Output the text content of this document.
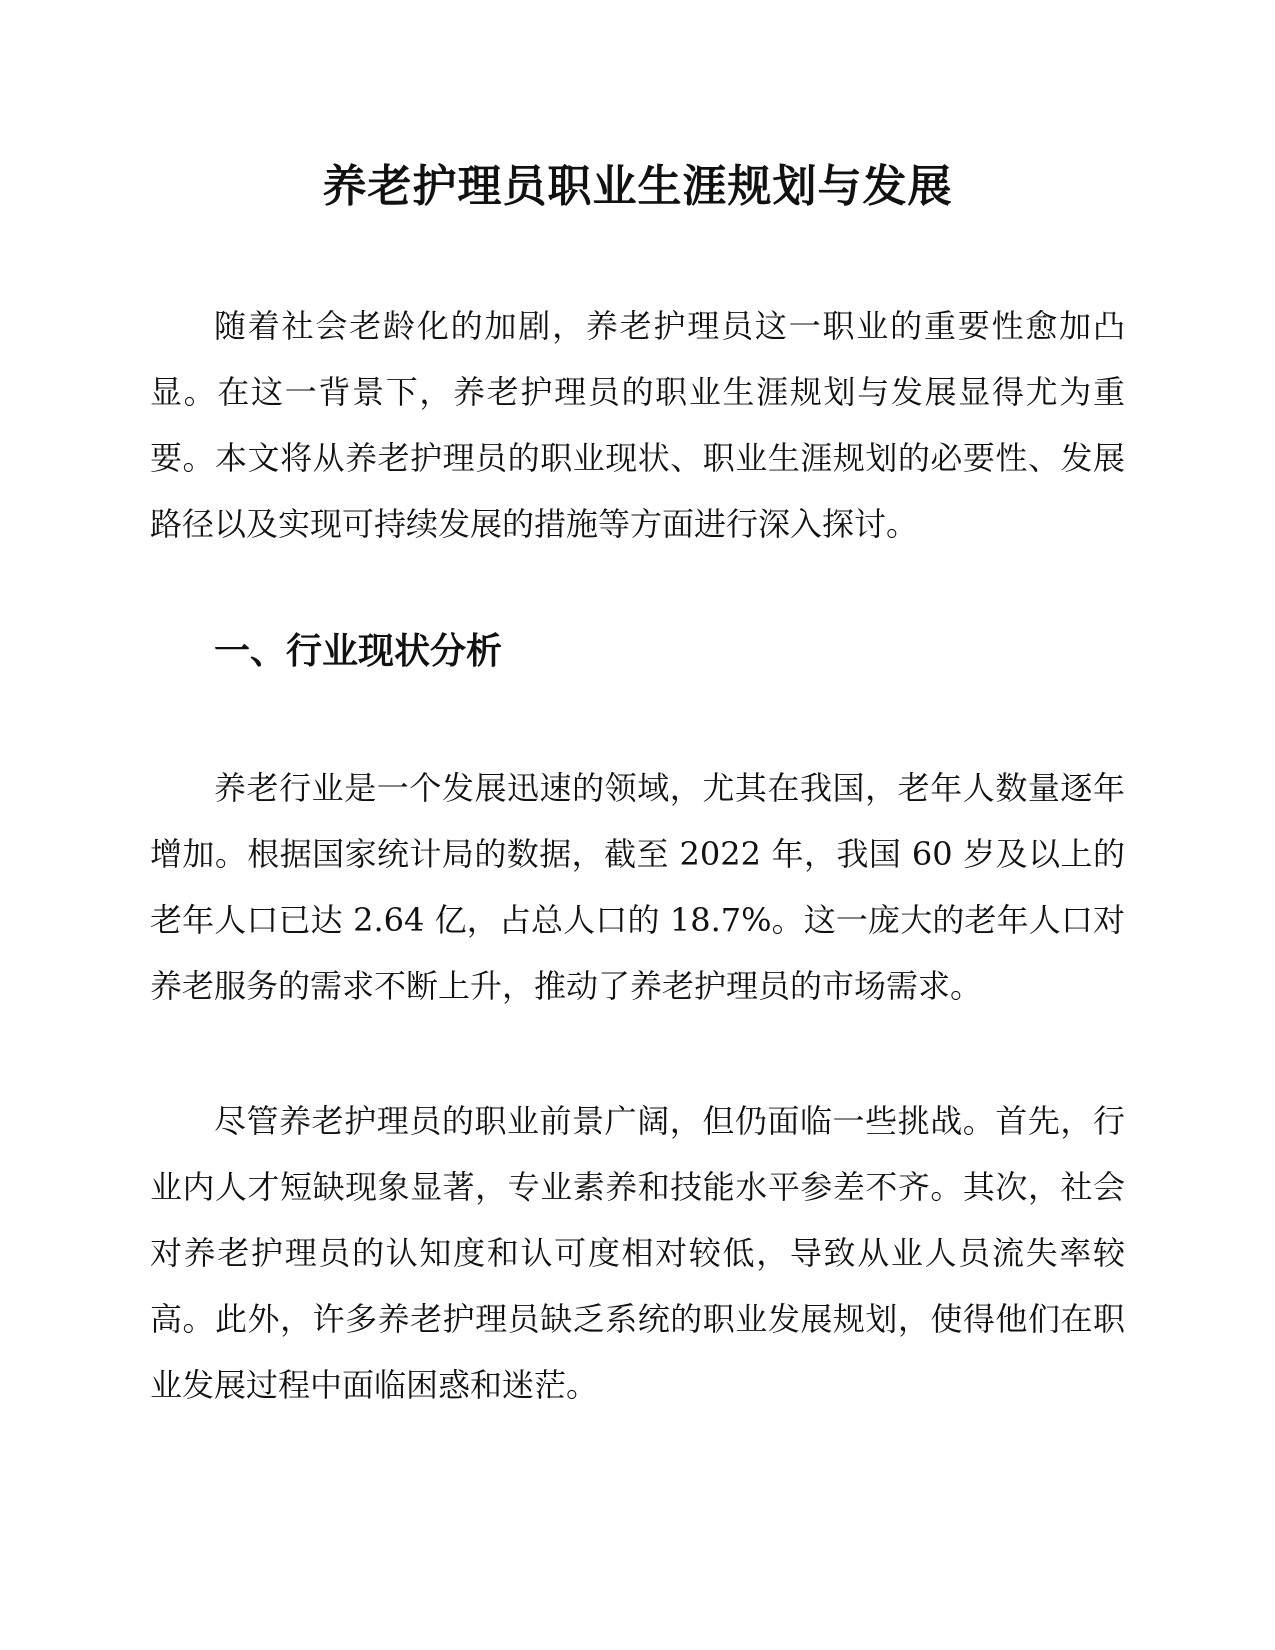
养老护理员职业生涯规划与发展

随着社会老龄化的加剧，养老护理员这一职业的重要性愈加凸显。在这一背景下，养老护理员的职业生涯规划与发展显得尤为重要。本文将从养老护理员的职业现状、职业生涯规划的必要性、发展路径以及实现可持续发展的措施等方面进行深入探讨。

一、行业现状分析

养老行业是一个发展迅速的领域，尤其在我国，老年人数量逐年增加。根据国家统计局的数据，截至 2022 年，我国 60 岁及以上的老年人口已达 2.64 亿，占总人口的 18.7%。这一庞大的老年人口对养老服务的需求不断上升，推动了养老护理员的市场需求。

尽管养老护理员的职业前景广阔，但仍面临一些挑战。首先，行业内人才短缺现象显著，专业素养和技能水平参差不齐。其次，社会对养老护理员的认知度和认可度相对较低，导致从业人员流失率较高。此外，许多养老护理员缺乏系统的职业发展规划，使得他们在职业发展过程中面临困惑和迷茫。
